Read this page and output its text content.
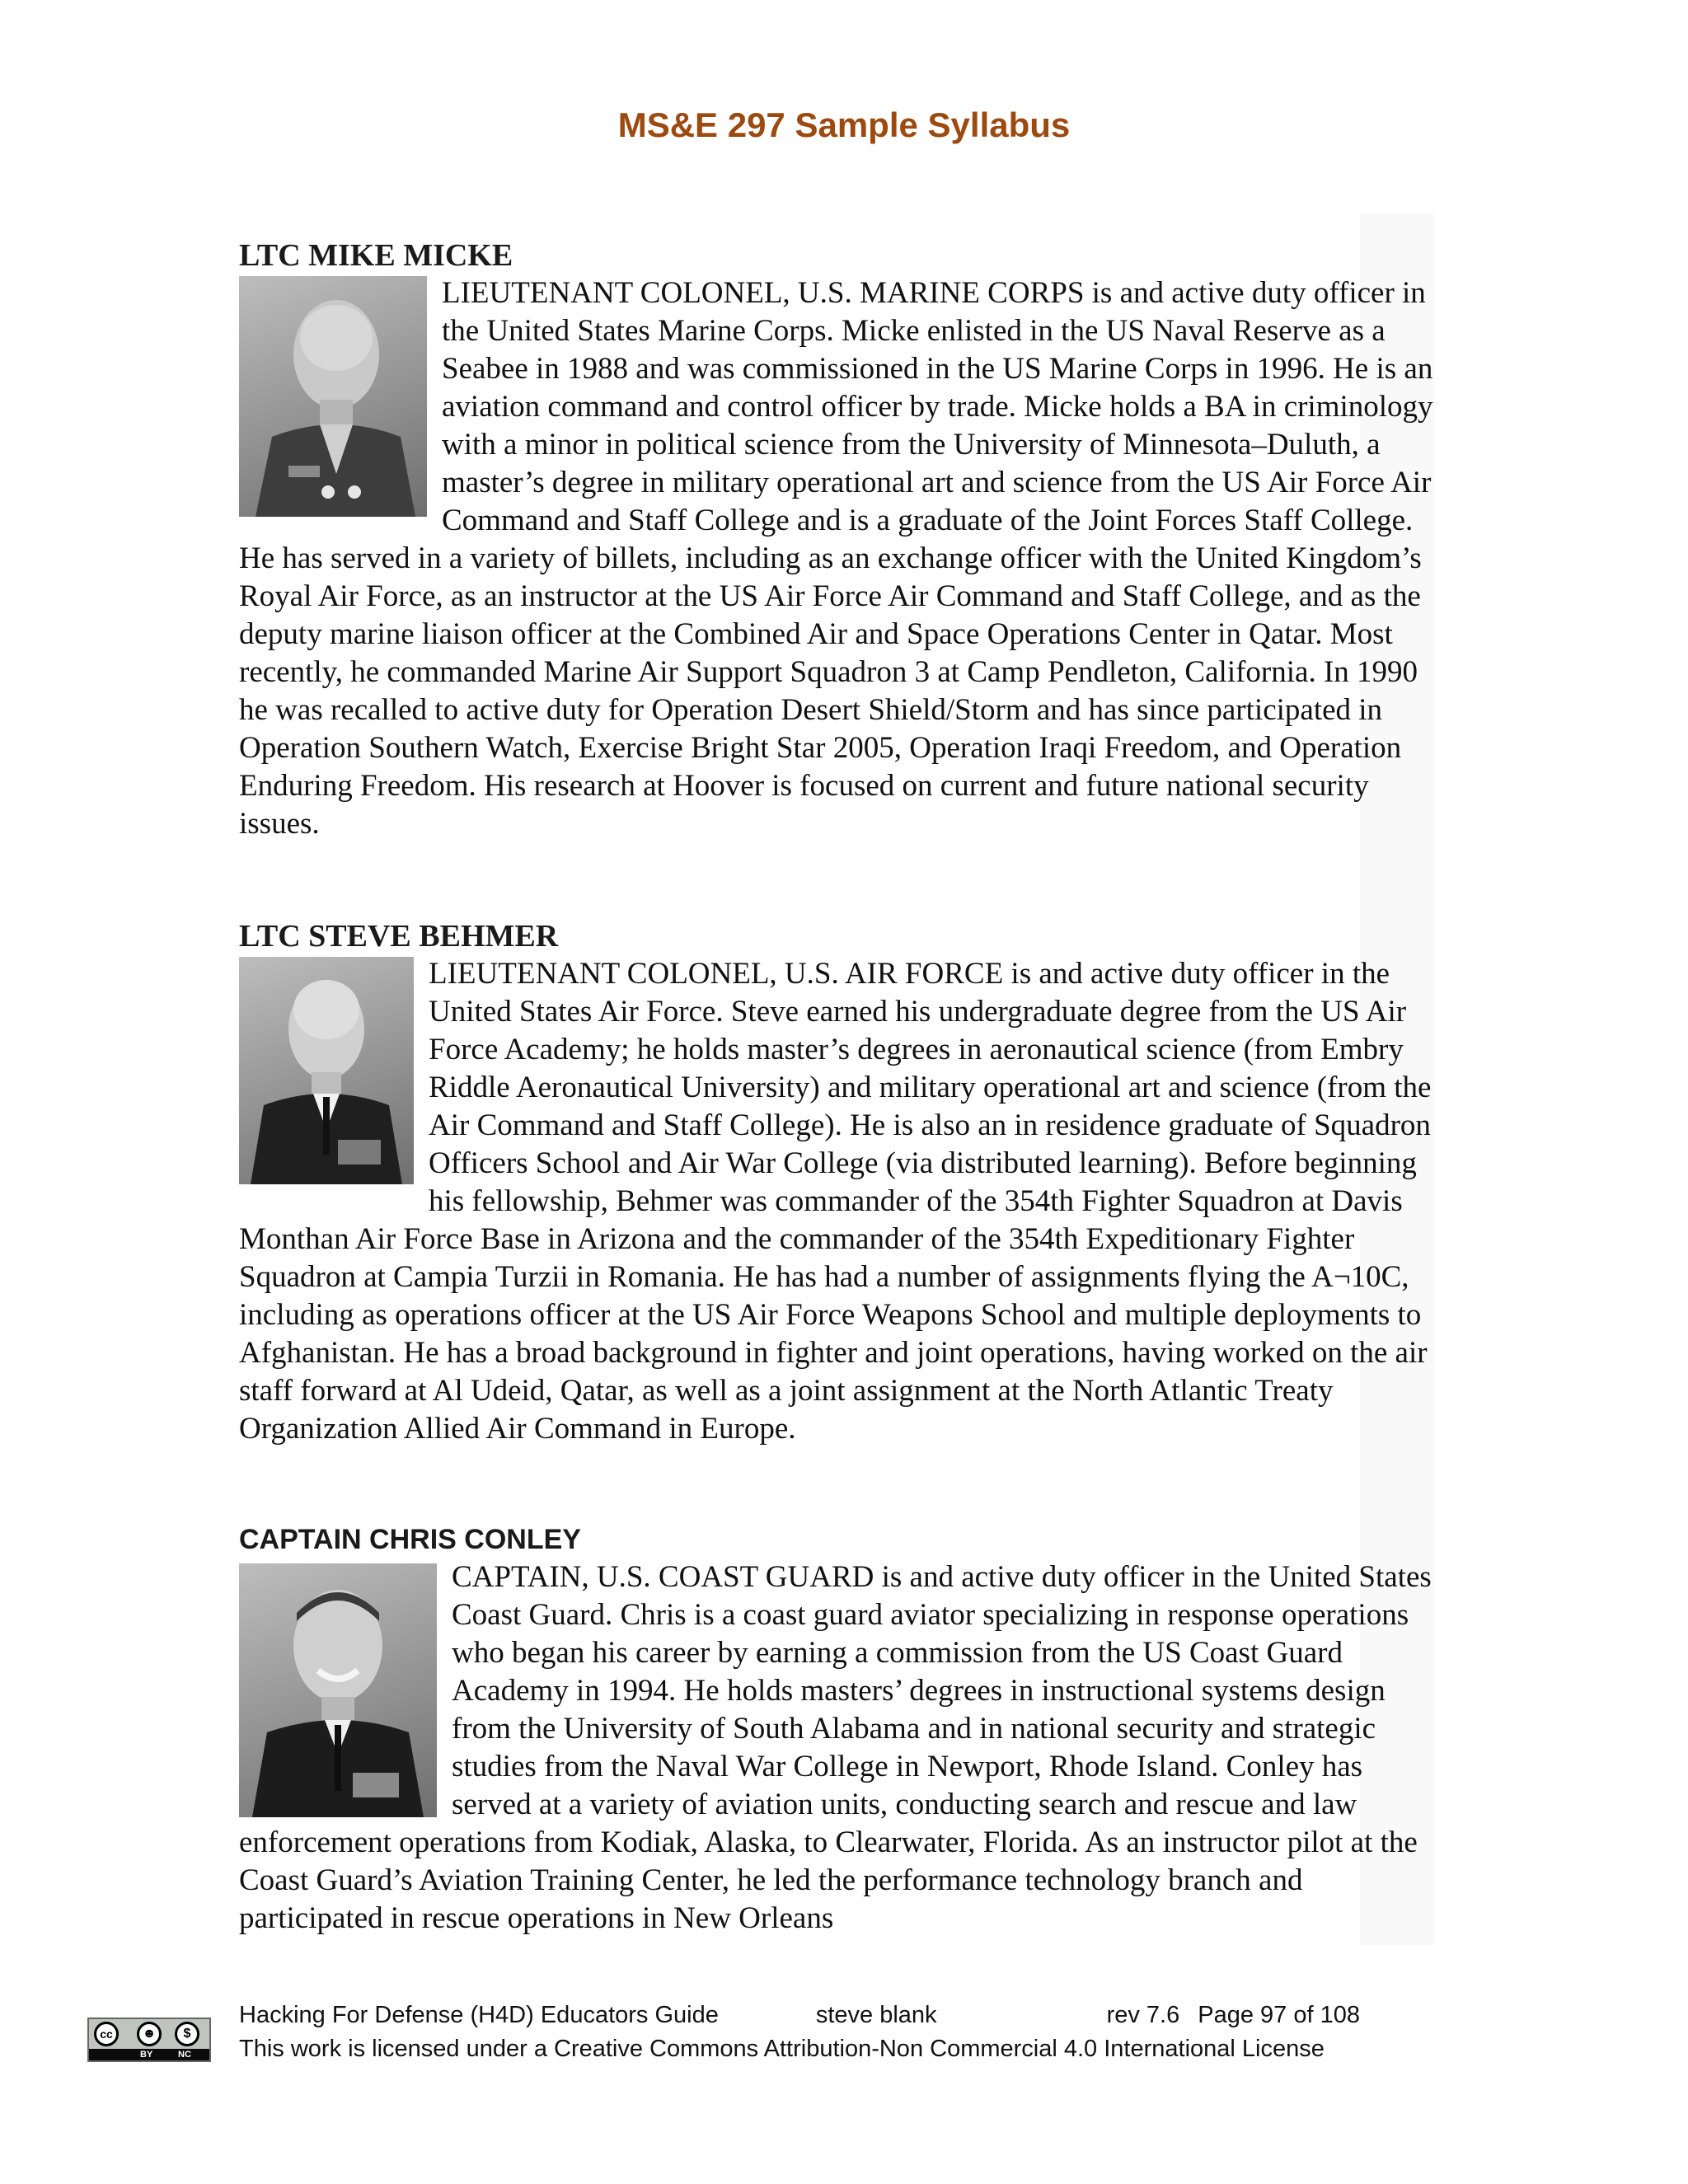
MS&E 297 Sample Syllabus
LTC MIKE MICKE

LIEUTENANT COLONEL, U.S. MARINE CORPS is and active duty officer in the United States Marine Corps. Micke enlisted in the US Naval Reserve as a Seabee in 1988 and was commissioned in the US Marine Corps in 1996. He is an aviation command and control officer by trade. Micke holds a BA in criminology with a minor in political science from the University of Minnesota–Duluth, a master’s degree in military operational art and science from the US Air Force Air Command and Staff College and is a graduate of the Joint Forces Staff College. He has served in a variety of billets, including as an exchange officer with the United Kingdom’s Royal Air Force, as an instructor at the US Air Force Air Command and Staff College, and as the deputy marine liaison officer at the Combined Air and Space Operations Center in Qatar. Most recently, he commanded Marine Air Support Squadron 3 at Camp Pendleton, California. In 1990 he was recalled to active duty for Operation Desert Shield/Storm and has since participated in Operation Southern Watch, Exercise Bright Star 2005, Operation Iraqi Freedom, and Operation Enduring Freedom. His research at Hoover is focused on current and future national security issues.

LTC STEVE BEHMER

LIEUTENANT COLONEL, U.S. AIR FORCE is and active duty officer in the United States Air Force. Steve earned his undergraduate degree from the US Air Force Academy; he holds master’s degrees in aeronautical science (from Embry Riddle Aeronautical University) and military operational art and science (from the Air Command and Staff College). He is also an in residence graduate of Squadron Officers School and Air War College (via distributed learning). Before beginning his fellowship, Behmer was commander of the 354th Fighter Squadron at Davis Monthan Air Force Base in Arizona and the commander of the 354th Expeditionary Fighter Squadron at Campia Turzii in Romania. He has had a number of assignments flying the A¬10C, including as operations officer at the US Air Force Weapons School and multiple deployments to Afghanistan. He has a broad background in fighter and joint operations, having worked on the air staff forward at Al Udeid, Qatar, as well as a joint assignment at the North Atlantic Treaty Organization Allied Air Command in Europe.

CAPTAIN CHRIS CONLEY

CAPTAIN, U.S. COAST GUARD is and active duty officer in the United States Coast Guard. Chris is a coast guard aviator specializing in response operations who began his career by earning a commission from the US Coast Guard Academy in 1994. He holds masters’ degrees in instructional systems design from the University of South Alabama and in national security and strategic studies from the Naval War College in Newport, Rhode Island. Conley has served at a variety of aviation units, conducting search and rescue and law enforcement operations from Kodiak, Alaska, to Clearwater, Florida. As an instructor pilot at the Coast Guard’s Aviation Training Center, he led the performance technology branch and participated in rescue operations in New Orleans

cc	☻	$
BY	NC
Hacking For Defense (H4D) Educators Guide	steve blank	rev 7.6 Page 97 of 108
This work is licensed under a Creative Commons Attribution-Non Commercial 4.0 International License
